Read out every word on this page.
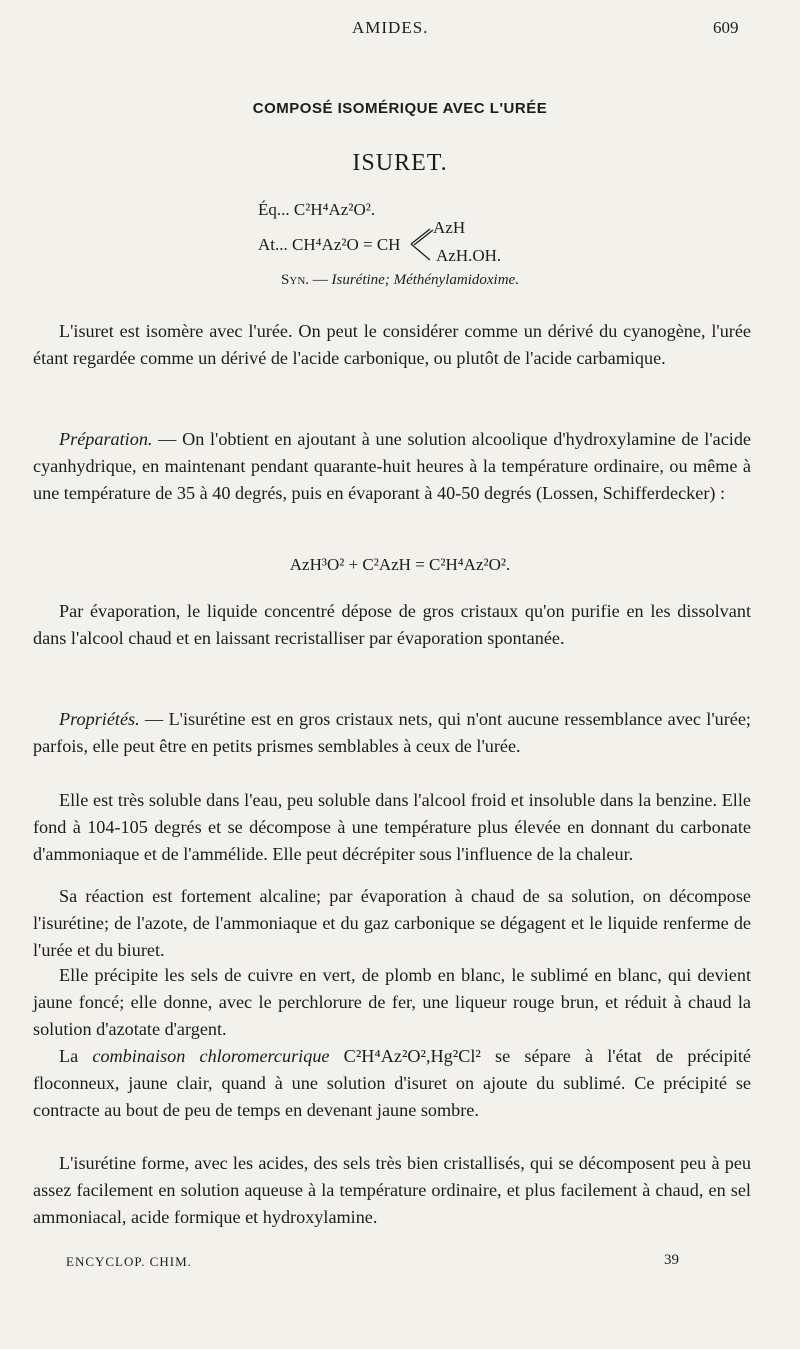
AMIDES.	609
COMPOSÉ ISOMÉRIQUE AVEC L'URÉE
ISURET.
Éq... C²H⁴Az²O².
At... CH⁴Az²O = CH
AzH
AzH.OH.
Syn. — Isurétine; Méthénylamidoxime.
L'isuret est isomère avec l'urée. On peut le considérer comme un dérivé du cyanogène, l'urée étant regardée comme un dérivé de l'acide carbonique, ou plutôt de l'acide carbamique.
Préparation. — On l'obtient en ajoutant à une solution alcoolique d'hydroxylamine de l'acide cyanhydrique, en maintenant pendant quarante-huit heures à la température ordinaire, ou même à une température de 35 à 40 degrés, puis en évaporant à 40-50 degrés (Lossen, Schifferdecker) :
AzH³O² + C²AzH = C²H⁴Az²O².
Par évaporation, le liquide concentré dépose de gros cristaux qu'on purifie en les dissolvant dans l'alcool chaud et en laissant recristalliser par évaporation spontanée.
Propriétés. — L'isurétine est en gros cristaux nets, qui n'ont aucune ressemblance avec l'urée; parfois, elle peut être en petits prismes semblables à ceux de l'urée.
Elle est très soluble dans l'eau, peu soluble dans l'alcool froid et insoluble dans la benzine. Elle fond à 104-105 degrés et se décompose à une température plus élevée en donnant du carbonate d'ammoniaque et de l'ammélide. Elle peut décrépiter sous l'influence de la chaleur.
Sa réaction est fortement alcaline; par évaporation à chaud de sa solution, on décompose l'isurétine; de l'azote, de l'ammoniaque et du gaz carbonique se dégagent et le liquide renferme de l'urée et du biuret.
Elle précipite les sels de cuivre en vert, de plomb en blanc, le sublimé en blanc, qui devient jaune foncé; elle donne, avec le perchlorure de fer, une liqueur rouge brun, et réduit à chaud la solution d'azotate d'argent.
La combinaison chloromercurique C²H⁴Az²O²,Hg²Cl² se sépare à l'état de précipité floconneux, jaune clair, quand à une solution d'isuret on ajoute du sublimé. Ce précipité se contracte au bout de peu de temps en devenant jaune sombre.
L'isurétine forme, avec les acides, des sels très bien cristallisés, qui se décomposent peu à peu assez facilement en solution aqueuse à la température ordinaire, et plus facilement à chaud, en sel ammoniacal, acide formique et hydroxylamine.
ENCYCLOP. CHIM.	39
